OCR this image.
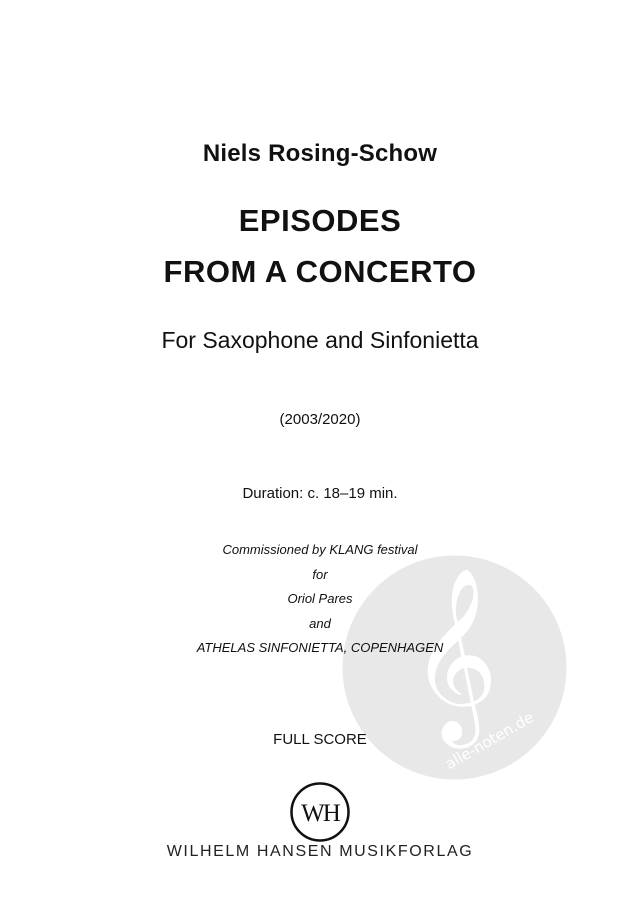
𝄞
alle-noten.de
Niels Rosing-Schow
EPISODES
FROM A CONCERTO
For Saxophone and Sinfonietta
(2003/2020)
Duration: c. 18–19 min.
Commissioned by KLANG festival
for
Oriol Pares
and
ATHELAS SINFONIETTA, COPENHAGEN
FULL SCORE
WH
WILHELM HANSEN MUSIKFORLAG
